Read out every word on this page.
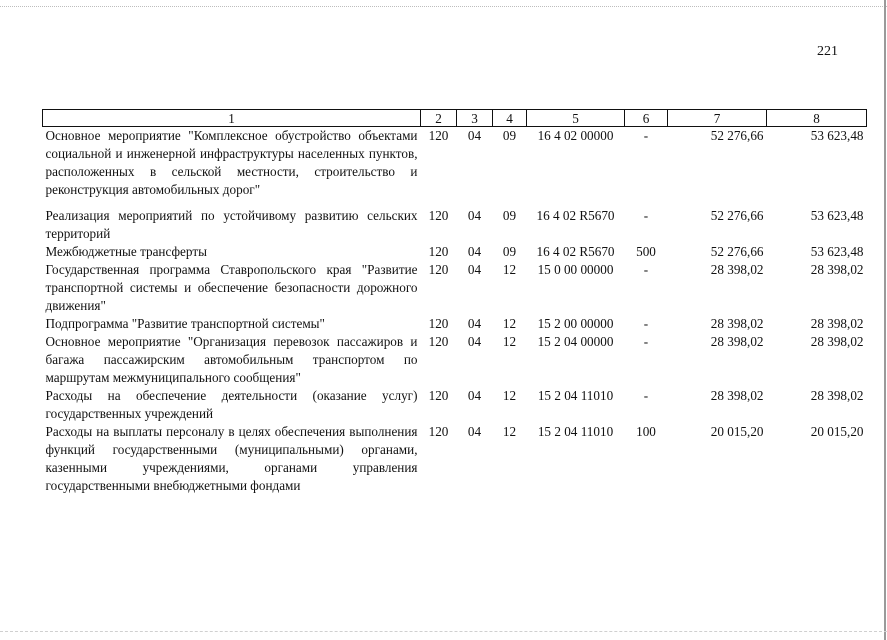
221
1	2	3	4	5	6	7	8
Основное мероприятие "Комплексное обустройство объектами социальной и инженерной инфраструктуры населенных пунктов, расположенных в сельской местности, строительство и реконструкция автомобильных дорог"	120	04	09	16 4 02 00000	-	52 276,66	53 623,48
Реализация мероприятий по устойчивому развитию сельских территорий	120	04	09	16 4 02 R5670	-	52 276,66	53 623,48
Межбюджетные трансферты	120	04	09	16 4 02 R5670	500	52 276,66	53 623,48
Государственная программа Ставропольского края "Развитие транспортной системы и обеспечение безопасности дорожного движения"	120	04	12	15 0 00 00000	-	28 398,02	28 398,02
Подпрограмма "Развитие транспортной системы"	120	04	12	15 2 00 00000	-	28 398,02	28 398,02
Основное мероприятие "Организация перевозок пассажиров и багажа пассажирским автомобильным транспортом по маршрутам межмуниципального сообщения"	120	04	12	15 2 04 00000	-	28 398,02	28 398,02
Расходы на обеспечение деятельности (оказание услуг) государственных учреждений	120	04	12	15 2 04 11010	-	28 398,02	28 398,02
Расходы на выплаты персоналу в целях обеспечения выполнения функций государственными (муниципальными) органами, казенными учреждениями, органами управления государственными внебюджетными фондами	120	04	12	15 2 04 11010	100	20 015,20	20 015,20
